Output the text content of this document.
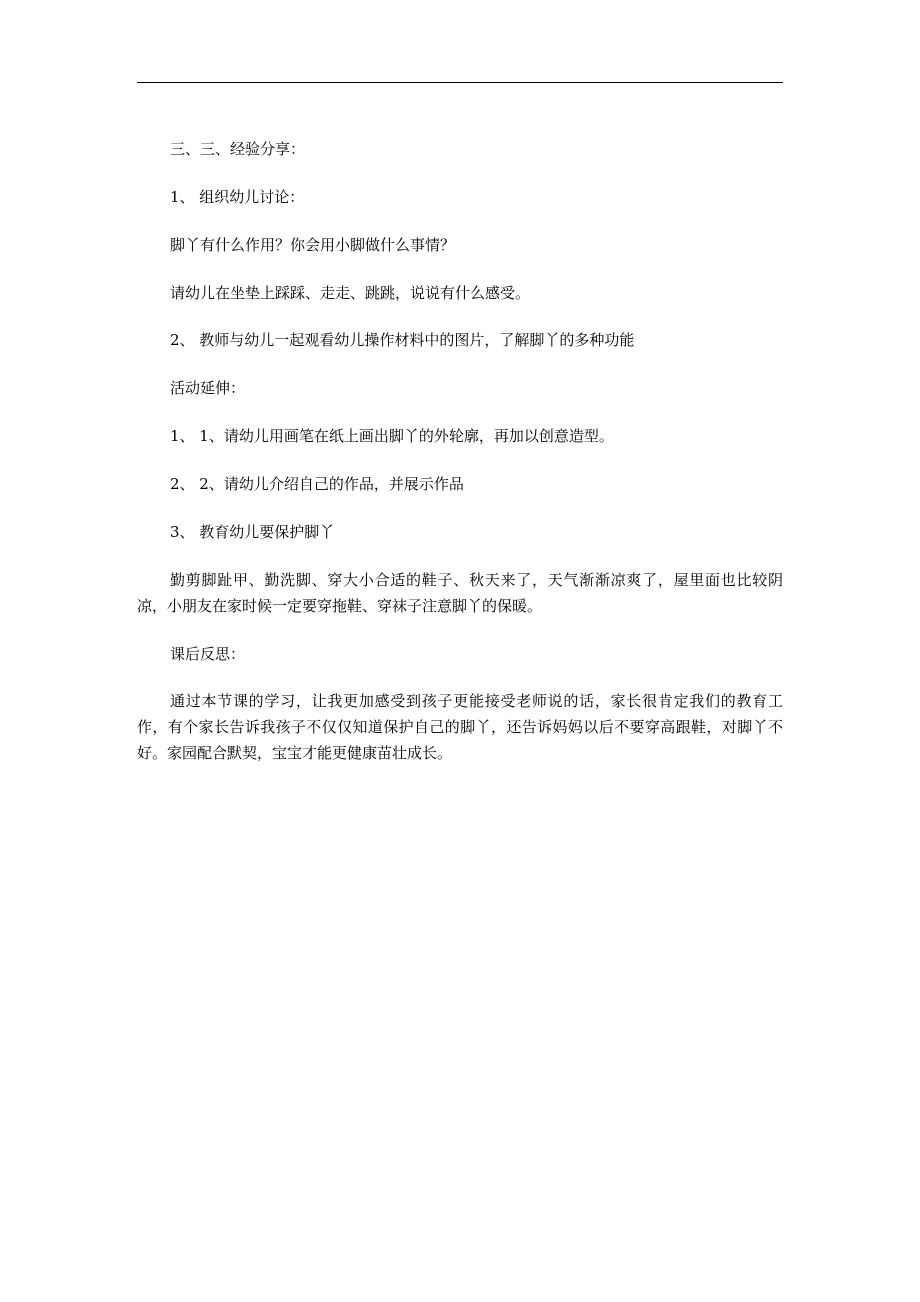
三、三、经验分享：
1、 组织幼儿讨论：
脚丫有什么作用？你会用小脚做什么事情？
请幼儿在坐垫上踩踩、走走、跳跳，说说有什么感受。
2、 教师与幼儿一起观看幼儿操作材料中的图片，了解脚丫的多种功能
活动延伸：
1、 1、请幼儿用画笔在纸上画出脚丫的外轮廓，再加以创意造型。
2、 2、请幼儿介绍自己的作品，并展示作品
3、 教育幼儿要保护脚丫
勤剪脚趾甲、勤洗脚、穿大小合适的鞋子、秋天来了，天气渐渐凉爽了，屋里面也比较阴凉，小朋友在家时候一定要穿拖鞋、穿袜子注意脚丫的保暖。
课后反思：
通过本节课的学习，让我更加感受到孩子更能接受老师说的话，家长很肯定我们的教育工作，有个家长告诉我孩子不仅仅知道保护自己的脚丫，还告诉妈妈以后不要穿高跟鞋，对脚丫不好。家园配合默契，宝宝才能更健康苗壮成长。
